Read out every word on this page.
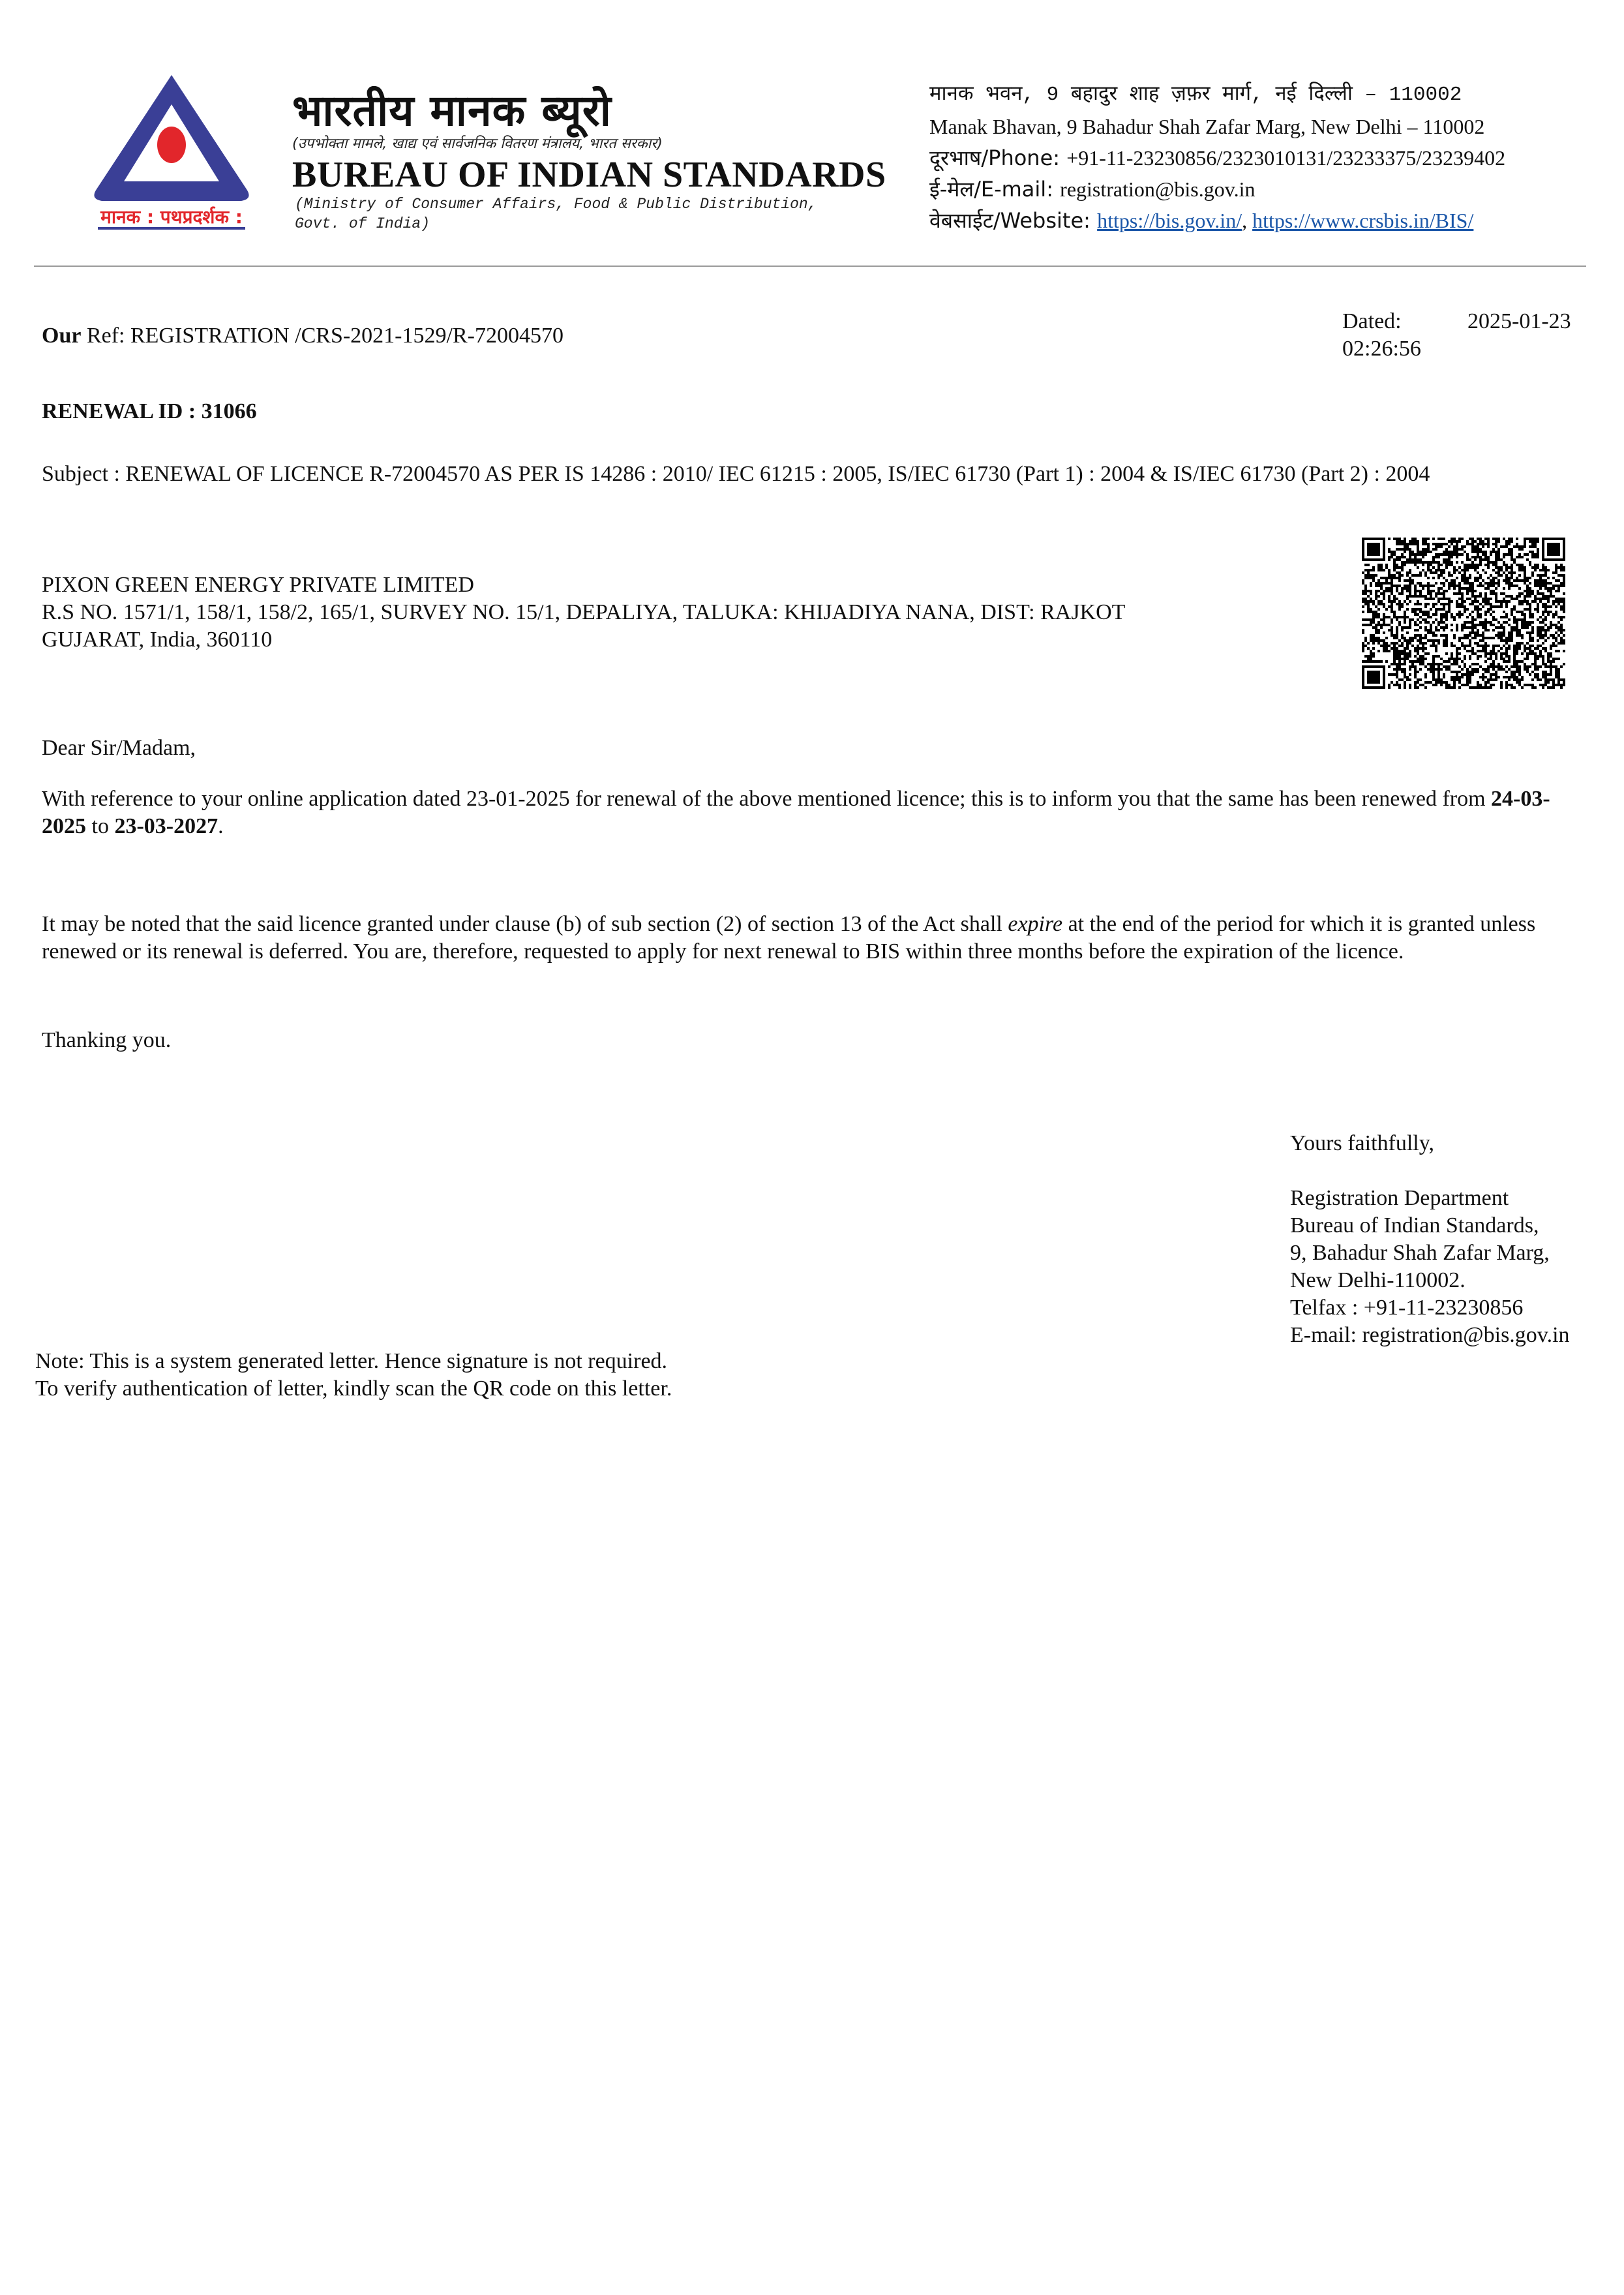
मानक : पथप्रदर्शक :
भारतीय मानक ब्यूरो
(उपभोक्ता मामले, खाद्य एवं सार्वजनिक वितरण मंत्रालय, भारत सरकार)
BUREAU OF INDIAN STANDARDS
(Ministry of Consumer Affairs, Food & Public Distribution,
Govt. of India)
मानक भवन, 9 बहादुर शाह ज़फ़र मार्ग, नई दिल्ली – 110002
Manak Bhavan, 9 Bahadur Shah Zafar Marg, New Delhi – 110002
दूरभाष/Phone: +91-11-23230856/2323010131/23233375/23239402
ई-मेल/E-mail: registration@bis.gov.in
वेबसाईट/Website: https://bis.gov.in/, https://www.crsbis.in/BIS/
Our Ref: REGISTRATION /CRS-2021-1529/R-72004570
Dated:	2025-01-23
02:26:56
RENEWAL ID : 31066
Subject : RENEWAL OF LICENCE R-72004570 AS PER IS 14286 : 2010/ IEC 61215 : 2005, IS/IEC 61730 (Part 1) : 2004 & IS/IEC 61730 (Part 2) : 2004
PIXON GREEN ENERGY PRIVATE LIMITED
R.S NO. 1571/1, 158/1, 158/2, 165/1, SURVEY NO. 15/1, DEPALIYA, TALUKA: KHIJADIYA NANA, DIST: RAJKOT
GUJARAT, India, 360110
Dear Sir/Madam,
With reference to your online application dated 23-01-2025 for renewal of the above mentioned licence; this is to inform you that the same has been renewed from 24-03-2025 to 23-03-2027.
It may be noted that the said licence granted under clause (b) of sub section (2) of section 13 of the Act shall expire at the end of the period for which it is granted unless renewed or its renewal is deferred. You are, therefore, requested to apply for next renewal to BIS within three months before the expiration of the licence.
Thanking you.
Yours faithfully,
Registration Department
Bureau of Indian Standards,
9, Bahadur Shah Zafar Marg,
New Delhi-110002.
Telfax : +91-11-23230856
E-mail: registration@bis.gov.in
Note: This is a system generated letter. Hence signature is not required.
To verify authentication of letter, kindly scan the QR code on this letter.
